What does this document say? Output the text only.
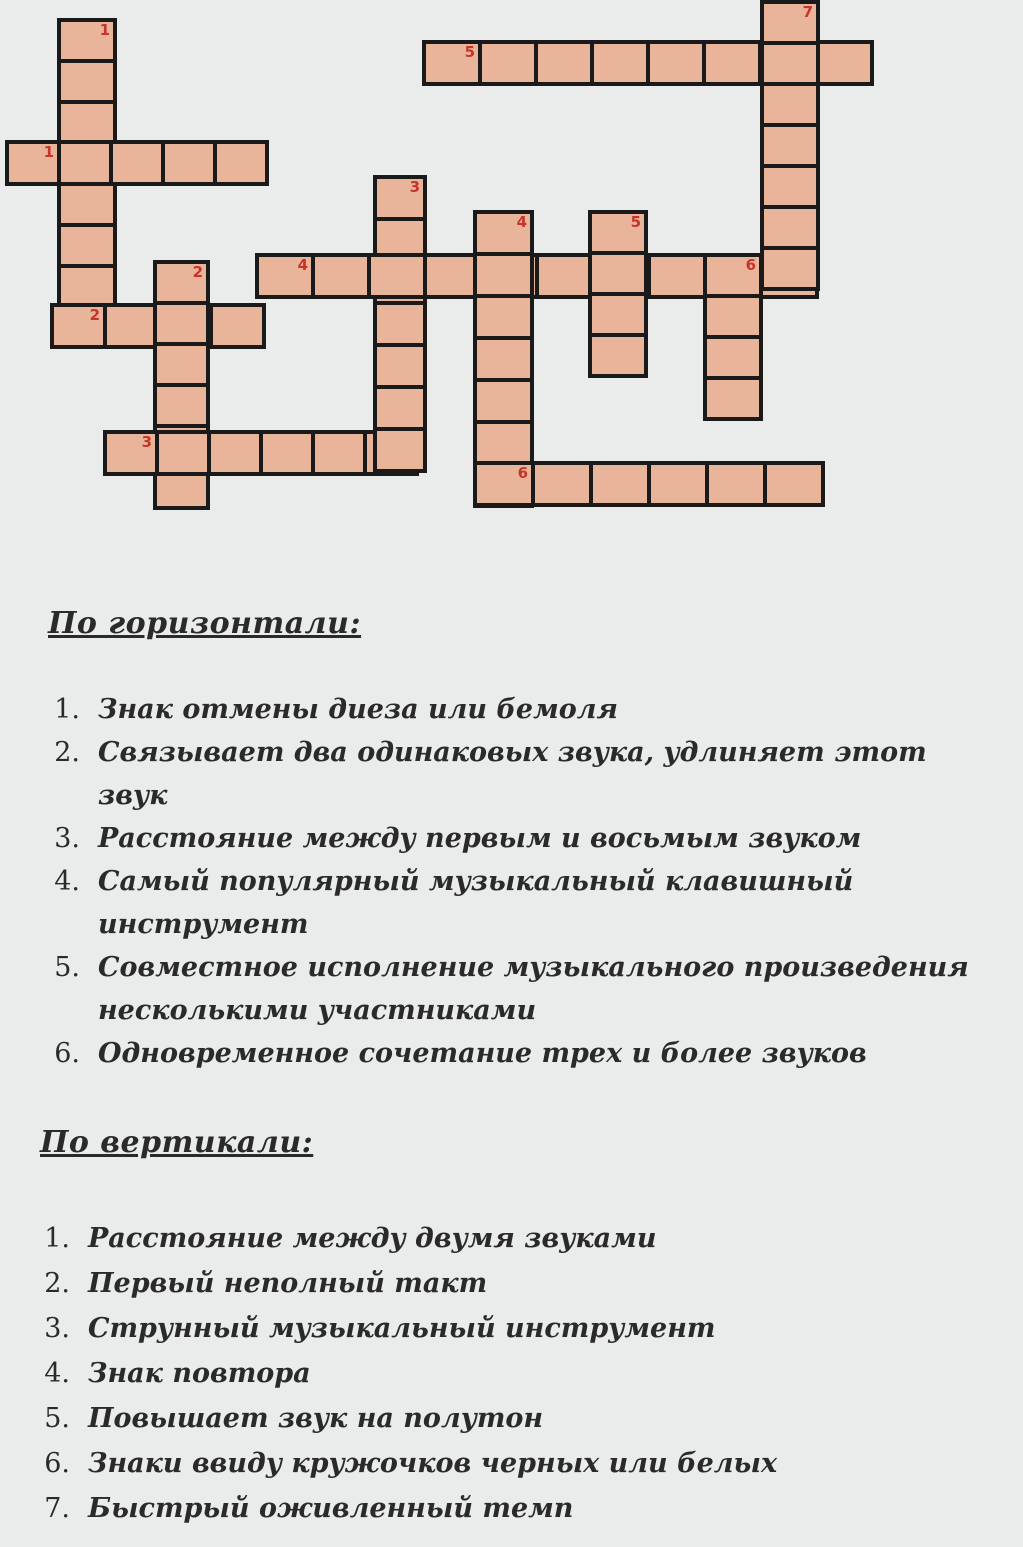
1
1
2
2
3
3
4
4
5
5
6
6
7
По горизонтали:
1. Знак отмены диеза или бемоля
2. Связывает два одинаковых звука, удлиняет этот звук
3. Расстояние между первым и восьмым звуком
4. Самый популярный музыкальный клавишный инструмент
5. Совместное исполнение музыкального произведения несколькими участниками
6. Одновременное сочетание трех и более звуков
По вертикали:
1. Расстояние между двумя звуками
2. Первый неполный такт
3. Струнный музыкальный инструмент
4. Знак повтора
5. Повышает звук на полутон
6. Знаки ввиду кружочков черных или белых
7. Быстрый оживленный темп
